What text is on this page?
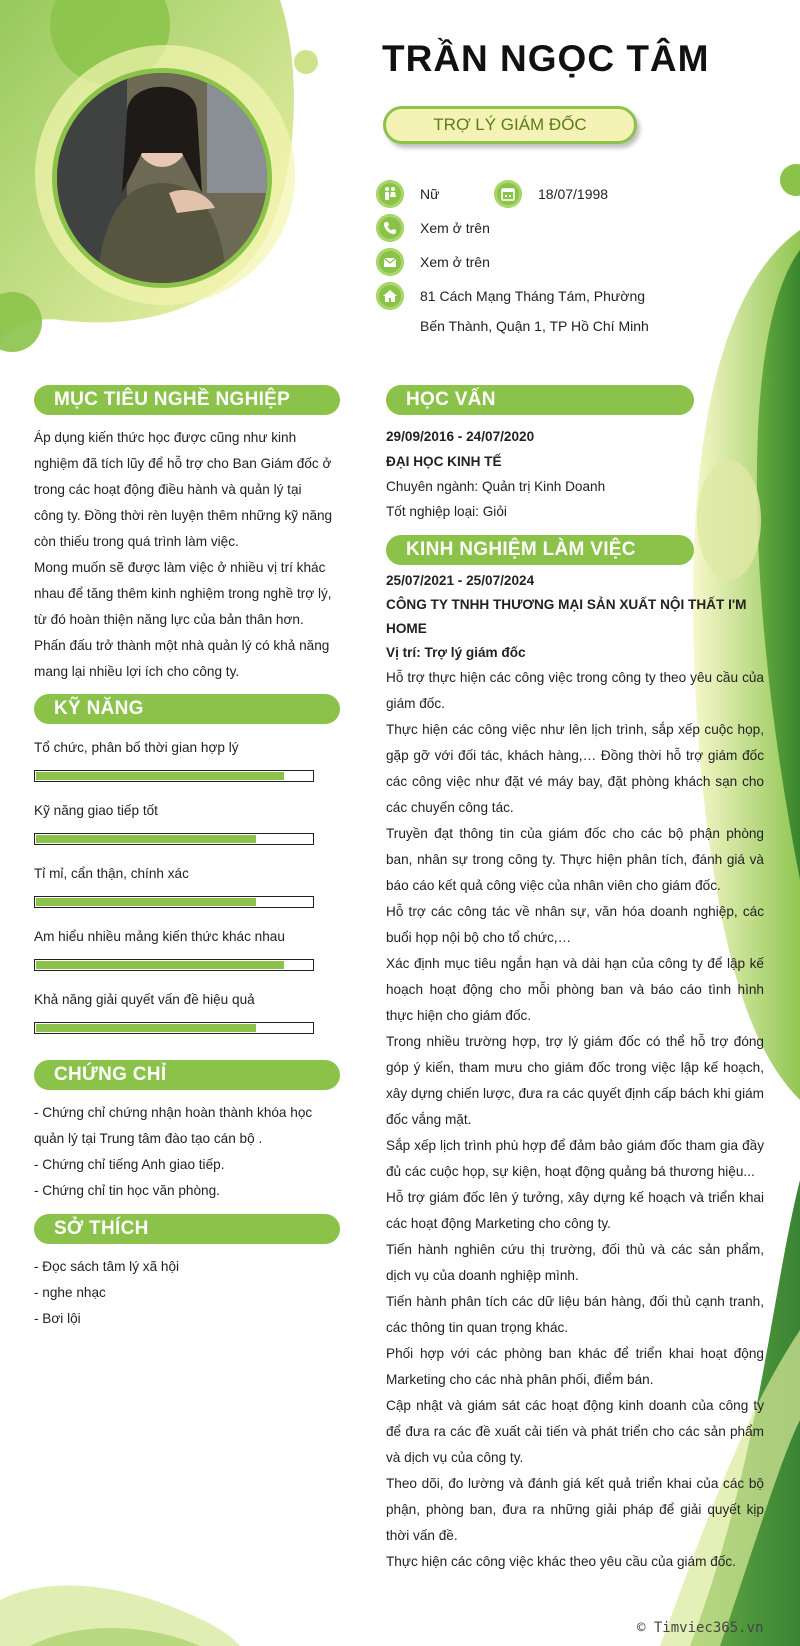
TRẦN NGỌC TÂM
TRỢ LÝ GIÁM ĐỐC
Nữ	18/07/1998
Xem ở trên
Xem ở trên
81 Cách Mạng Tháng Tám, Phường
Bến Thành, Quận 1, TP Hồ Chí Minh
MỤC TIÊU NGHỀ NGHIỆP

Áp dụng kiến thức học được cũng như kinh

nghiệm đã tích lũy để hỗ trợ cho Ban Giám đốc ở

trong các hoạt động điều hành và quản lý tại

công ty. Đồng thời rèn luyện thêm những kỹ năng

còn thiếu trong quá trình làm việc.

Mong muốn sẽ được làm việc ở nhiều vị trí khác

nhau để tăng thêm kinh nghiệm trong nghề trợ lý,

từ đó hoàn thiện năng lực của bản thân hơn.

Phấn đấu trở thành một nhà quản lý có khả năng

mang lại nhiều lợi ích cho công ty.

KỸ NĂNG
Tổ chức, phân bố thời gian hợp lý
Kỹ năng giao tiếp tốt
Tỉ mỉ, cẩn thận, chính xác
Am hiểu nhiều mảng kiến thức khác nhau
Khả năng giải quyết vấn đề hiệu quả
CHỨNG CHỈ

- Chứng chỉ chứng nhận hoàn thành khóa học

quản lý tại Trung tâm đào tạo cán bộ .

- Chứng chỉ tiếng Anh giao tiếp.

- Chứng chỉ tin học văn phòng.

SỞ THÍCH

- Đọc sách tâm lý xã hội

- nghe nhạc

- Bơi lội

HỌC VẤN

29/09/2016 - 24/07/2020

ĐẠI HỌC KINH TẾ

Chuyên ngành: Quản trị Kinh Doanh

Tốt nghiệp loại: Giỏi

KINH NGHIỆM LÀM VIỆC

25/07/2021 - 25/07/2024

CÔNG TY TNHH THƯƠNG MẠI SẢN XUẤT NỘI THẤT I'M HOME

Vị trí: Trợ lý giám đốc

Hỗ trợ thực hiện các công việc trong công ty theo yêu cầu của giám đốc.

Thực hiện các công việc như lên lịch trình, sắp xếp cuộc họp, gặp gỡ với đối tác, khách hàng,… Đồng thời hỗ trợ giám đốc các công việc như đặt vé máy bay, đặt phòng khách sạn cho các chuyến công tác.

Truyền đạt thông tin của giám đốc cho các bộ phận phòng ban, nhân sự trong công ty. Thực hiện phân tích, đánh giá và báo cáo kết quả công việc của nhân viên cho giám đốc.

Hỗ trợ các công tác về nhân sự, văn hóa doanh nghiệp, các buổi họp nội bộ cho tổ chức,…

Xác định mục tiêu ngắn hạn và dài hạn của công ty để lập kế hoạch hoạt động cho mỗi phòng ban và báo cáo tình hình thực hiện cho giám đốc.

Trong nhiều trường hợp, trợ lý giám đốc có thể hỗ trợ đóng góp ý kiến, tham mưu cho giám đốc trong việc lập kế hoạch, xây dựng chiến lược, đưa ra các quyết định cấp bách khi giám đốc vắng mặt.

Sắp xếp lịch trình phù hợp để đảm bảo giám đốc tham gia đầy đủ các cuộc họp, sự kiện, hoạt động quảng bá thương hiệu...

Hỗ trợ giám đốc lên ý tưởng, xây dựng kế hoạch và triển khai các hoạt động Marketing cho công ty.

Tiến hành nghiên cứu thị trường, đối thủ và các sản phẩm, dịch vụ của doanh nghiệp mình.

Tiến hành phân tích các dữ liệu bán hàng, đối thủ cạnh tranh, các thông tin quan trọng khác.

Phối hợp với các phòng ban khác để triển khai hoạt động Marketing cho các nhà phân phối, điểm bán.

Cập nhật và giám sát các hoạt động kinh doanh của công ty để đưa ra các đề xuất cải tiến và phát triển cho các sản phẩm và dịch vụ của công ty.

Theo dõi, đo lường và đánh giá kết quả triển khai của các bộ phận, phòng ban, đưa ra những giải pháp để giải quyết kịp thời vấn đề.

Thực hiện các công việc khác theo yêu cầu của giám đốc.

© Timviec365.vn
